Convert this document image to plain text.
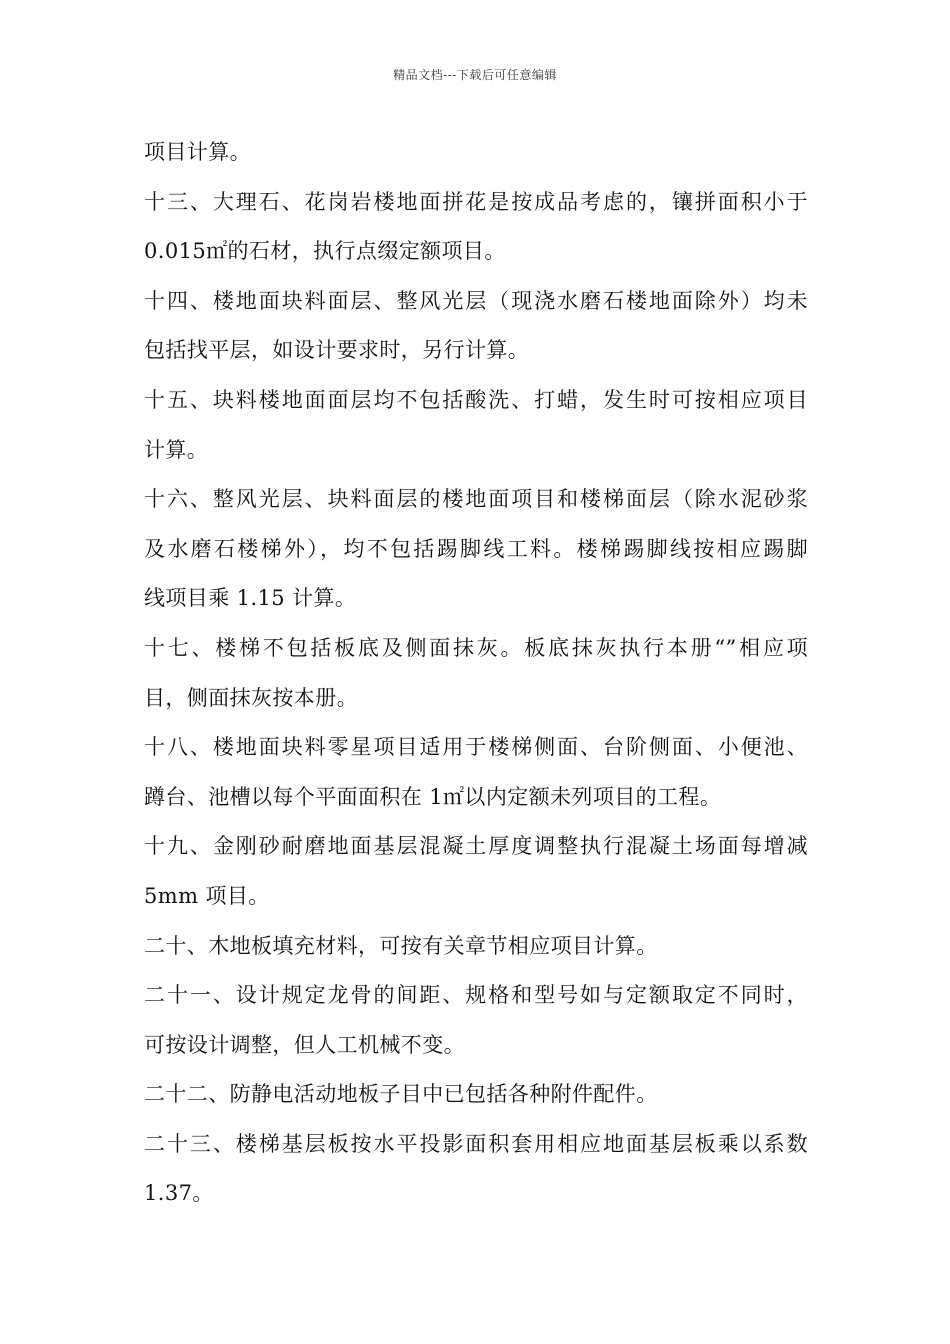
精品文档---下载后可任意编辑
项目计算。
十三、大理石、花岗岩楼地面拼花是按成品考虑的，镶拼面积小于
0.015㎡的石材，执行点缀定额项目。
十四、楼地面块料面层、整风光层（现浇水磨石楼地面除外）均未
包括找平层，如设计要求时，另行计算。
十五、块料楼地面面层均不包括酸洗、打蜡，发生时可按相应项目
计算。
十六、整风光层、块料面层的楼地面项目和楼梯面层（除水泥砂浆
及水磨石楼梯外），均不包括踢脚线工料。楼梯踢脚线按相应踢脚
线项目乘 1.15 计算。
十七、楼梯不包括板底及侧面抹灰。板底抹灰执行本册“”相应项
目，侧面抹灰按本册。
十八、楼地面块料零星项目适用于楼梯侧面、台阶侧面、小便池、
蹲台、池槽以每个平面面积在 1㎡以内定额未列项目的工程。
十九、金刚砂耐磨地面基层混凝土厚度调整执行混凝土场面每增减
5mm 项目。
二十、木地板填充材料，可按有关章节相应项目计算。
二十一、设计规定龙骨的间距、规格和型号如与定额取定不同时，
可按设计调整，但人工机械不变。
二十二、防静电活动地板子目中已包括各种附件配件。
二十三、楼梯基层板按水平投影面积套用相应地面基层板乘以系数
1.37。
